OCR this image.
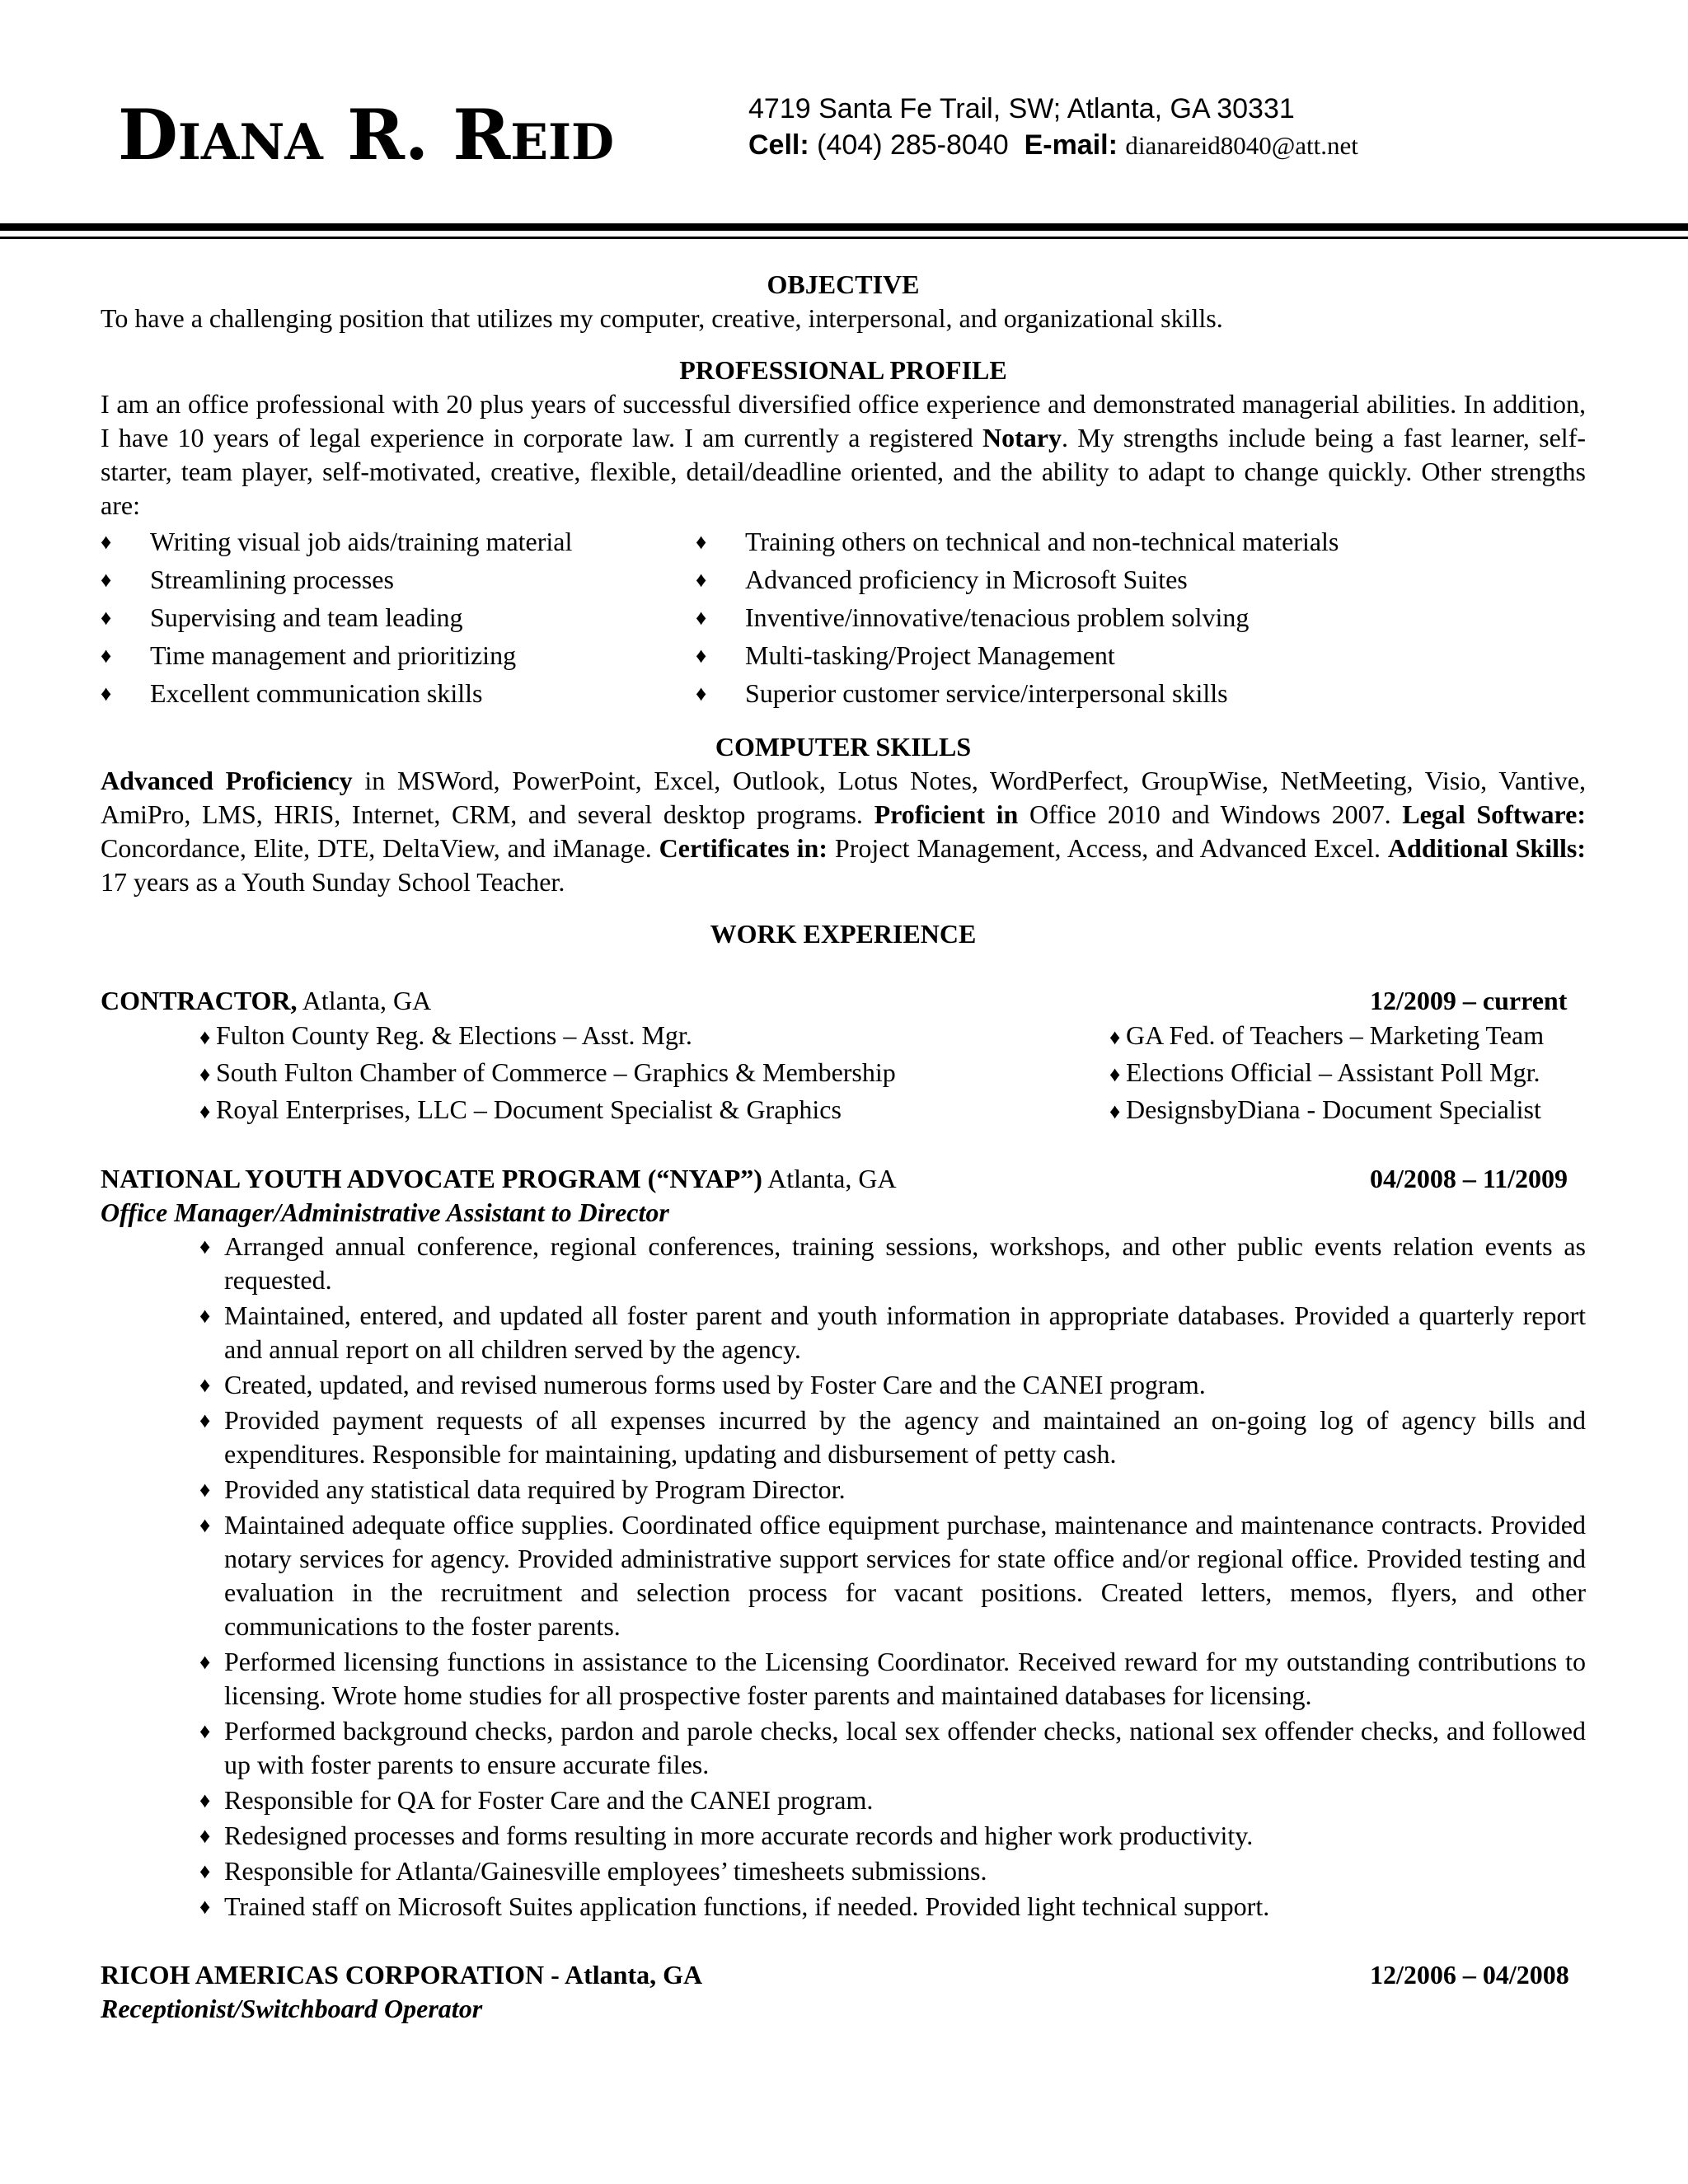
DIANA R. REID
4719 Santa Fe Trail, SW; Atlanta, GA 30331
Cell: (404) 285-8040 E-mail: dianareid8040@att.net

OBJECTIVE

To have a challenging position that utilizes my computer, creative, interpersonal, and organizational skills.

PROFESSIONAL PROFILE

I am an office professional with 20 plus years of successful diversified office experience and demonstrated managerial abilities. In addition, I have 10 years of legal experience in corporate law. I am currently a registered Notary. My strengths include being a fast learner, self-starter, team player, self-motivated, creative, flexible, detail/deadline oriented, and the ability to adapt to change quickly. Other strengths are:

♦	Writing visual job aids/training material
♦	Streamlining processes
♦	Supervising and team leading
♦	Time management and prioritizing
♦	Excellent communication skills
♦	Training others on technical and non-technical materials
♦	Advanced proficiency in Microsoft Suites
♦	Inventive/innovative/tenacious problem solving
♦	Multi-tasking/Project Management
♦	Superior customer service/interpersonal skills

COMPUTER SKILLS

Advanced Proficiency in MSWord, PowerPoint, Excel, Outlook, Lotus Notes, WordPerfect, GroupWise, NetMeeting, Visio, Vantive, AmiPro, LMS, HRIS, Internet, CRM, and several desktop programs. Proficient in Office 2010 and Windows 2007. Legal Software: Concordance, Elite, DTE, DeltaView, and iManage. Certificates in: Project Management, Access, and Advanced Excel. Additional Skills: 17 years as a Youth Sunday School Teacher.

WORK EXPERIENCE

CONTRACTOR, Atlanta, GA	12/2009 – current
♦ Fulton County Reg. & Elections – Asst. Mgr.	♦ GA Fed. of Teachers – Marketing Team
♦ South Fulton Chamber of Commerce – Graphics & Membership	♦ Elections Official – Assistant Poll Mgr.
♦ Royal Enterprises, LLC – Document Specialist & Graphics	♦ DesignsbyDiana - Document Specialist
NATIONAL YOUTH ADVOCATE PROGRAM (“NYAP”) Atlanta, GA	04/2008 – 11/2009

Office Manager/Administrative Assistant to Director

♦ Arranged annual conference, regional conferences, training sessions, workshops, and other public events relation events as requested.
♦ Maintained, entered, and updated all foster parent and youth information in appropriate databases. Provided a quarterly report and annual report on all children served by the agency.
♦ Created, updated, and revised numerous forms used by Foster Care and the CANEI program.
♦ Provided payment requests of all expenses incurred by the agency and maintained an on-going log of agency bills and expenditures. Responsible for maintaining, updating and disbursement of petty cash.
♦ Provided any statistical data required by Program Director.
♦ Maintained adequate office supplies. Coordinated office equipment purchase, maintenance and maintenance contracts. Provided notary services for agency. Provided administrative support services for state office and/or regional office. Provided testing and evaluation in the recruitment and selection process for vacant positions. Created letters, memos, flyers, and other communications to the foster parents.
♦ Performed licensing functions in assistance to the Licensing Coordinator. Received reward for my outstanding contributions to licensing. Wrote home studies for all prospective foster parents and maintained databases for licensing.
♦ Performed background checks, pardon and parole checks, local sex offender checks, national sex offender checks, and followed up with foster parents to ensure accurate files.
♦ Responsible for QA for Foster Care and the CANEI program.
♦ Redesigned processes and forms resulting in more accurate records and higher work productivity.
♦ Responsible for Atlanta/Gainesville employees’ timesheets submissions.
♦ Trained staff on Microsoft Suites application functions, if needed. Provided light technical support.
RICOH AMERICAS CORPORATION - Atlanta, GA	12/2006 – 04/2008

Receptionist/Switchboard Operator
